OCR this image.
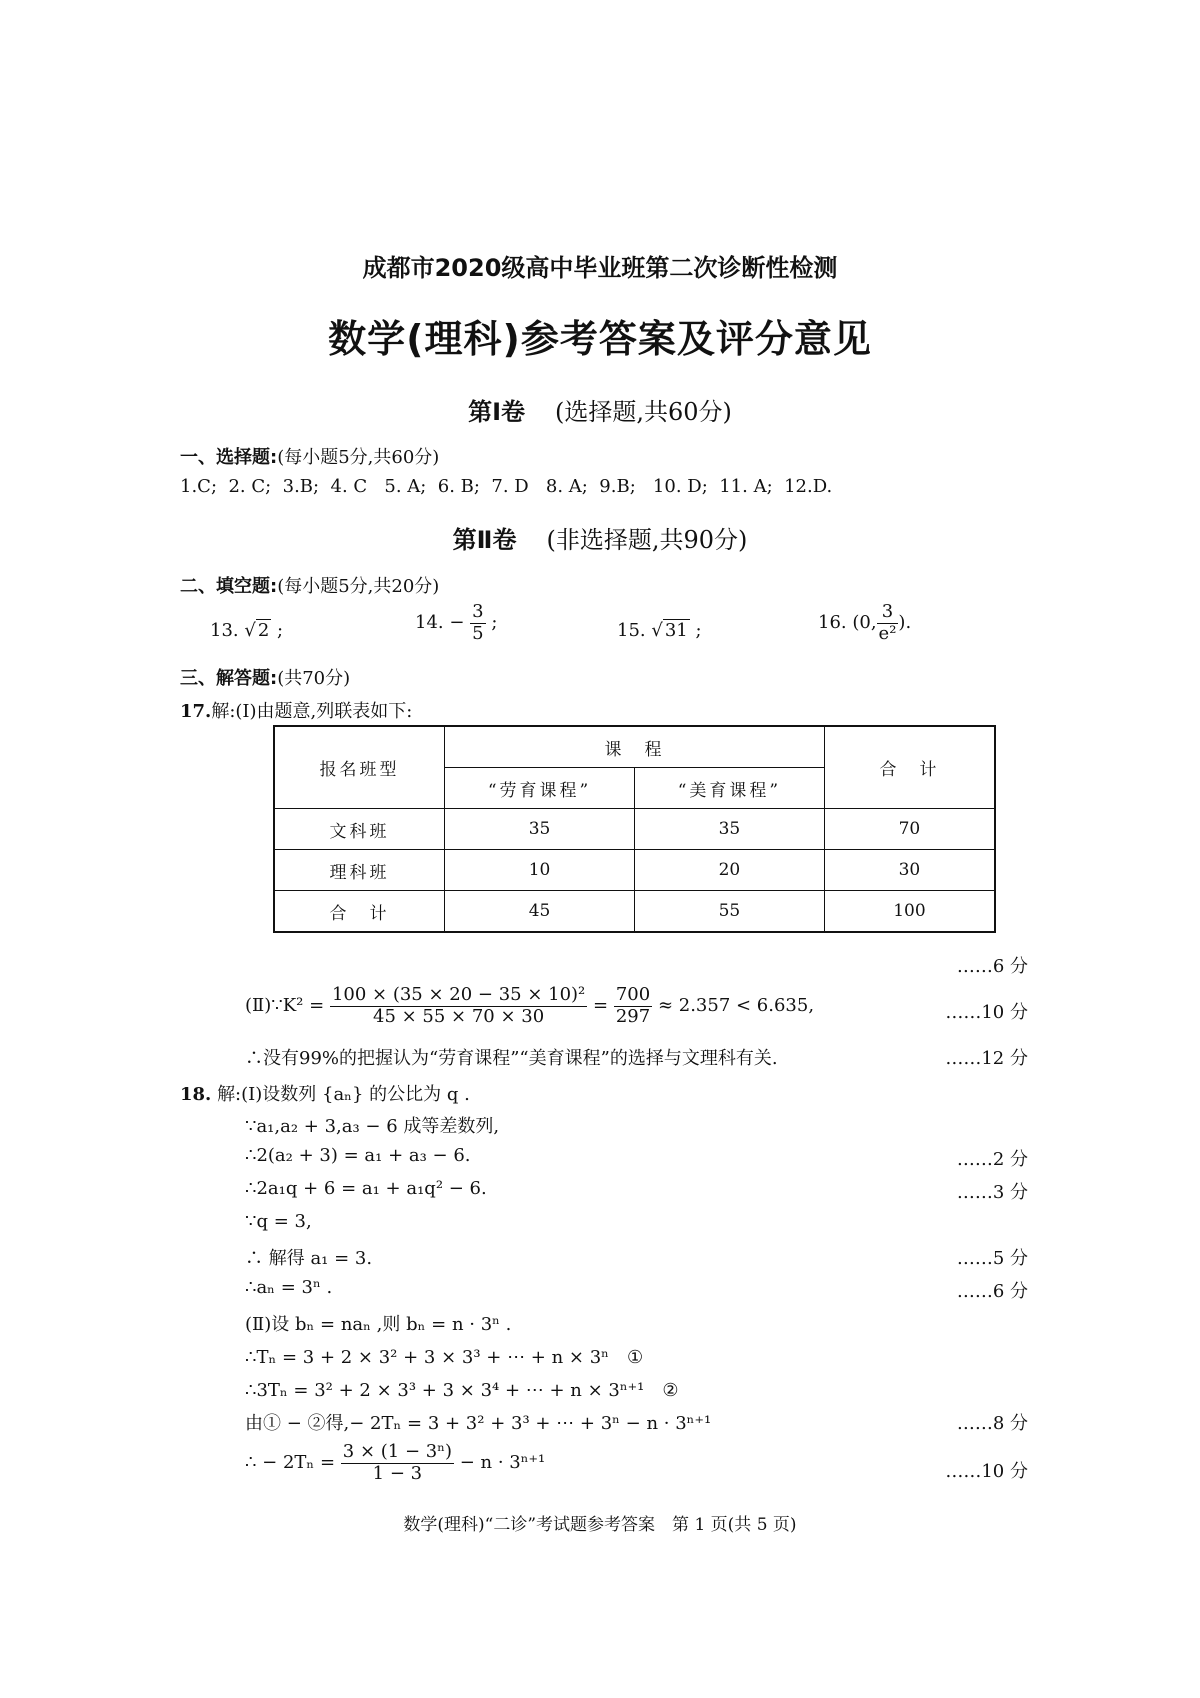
成都市2020级高中毕业班第二次诊断性检测
数学(理科)参考答案及评分意见
第Ⅰ卷 (选择题,共60分)
一、选择题:(每小题5分,共60分)
1.C;  2. C;  3.B;  4. C   5. A;  6. B;  7. D   8. A;  9.B;   10. D;  11. A;  12.D.
第Ⅱ卷 (非选择题,共90分)
二、填空题:(每小题5分,共20分)
13. √ 2 ;	14. − $\frac{3}{5}$ ;	15. √ 31 ;	16. (0, $\frac{3}{\text{e²}}$ ).
三、解答题:(共70分)
17.解:(Ⅰ)由题意,列联表如下:
报名班型	课　程		合　计
	“劳育课程”	“美育课程”	
文科班	35	35	70
理科班	10	20	30
合　计	45	55	100
……6 分
(Ⅱ)∵K² = $\frac{\text{100 × (35 × 20 − 35 × 10)²}}{45 \times 55 \times 70 \times 30} = \frac{700}{297} \approx 2.357 < 6.635$,	……10 分
∴没有99%的把握认为“劳育课程”“美育课程”的选择与文理科有关.	……12 分
18. 解:(Ⅰ)设数列 {aₙ} 的公比为 q .
∵a₁,a₂ + 3,a₃ − 6 成等差数列,
∴2(a₂ + 3) = a₁ + a₃ − 6.	……2 分
∴2a₁q + 6 = a₁ + a₁q² − 6.	……3 分
∵q = 3,
∴ 解得 a₁ = 3.	……5 分
∴aₙ = 3ⁿ .	……6 分
(Ⅱ)设 bₙ = naₙ ,则 bₙ = n · 3ⁿ .
∴Tₙ = 3 + 2 × 3² + 3 × 3³ + ⋯ + n × 3ⁿ　①
∴3Tₙ = 3² + 2 × 3³ + 3 × 3⁴ + ⋯ + n × 3ⁿ⁺¹　②
由① − ②得,− 2Tₙ = 3 + 3² + 3³ + ⋯ + 3ⁿ − n · 3ⁿ⁺¹	……8 分
∴ − $2T_n = \frac{\text{3 × (1 − 3ⁿ)}}{1 - 3} - n \cdot 3^{n+1}$	……10 分
数学(理科)“二诊”考试题参考答案　第 1 页(共 5 页)
